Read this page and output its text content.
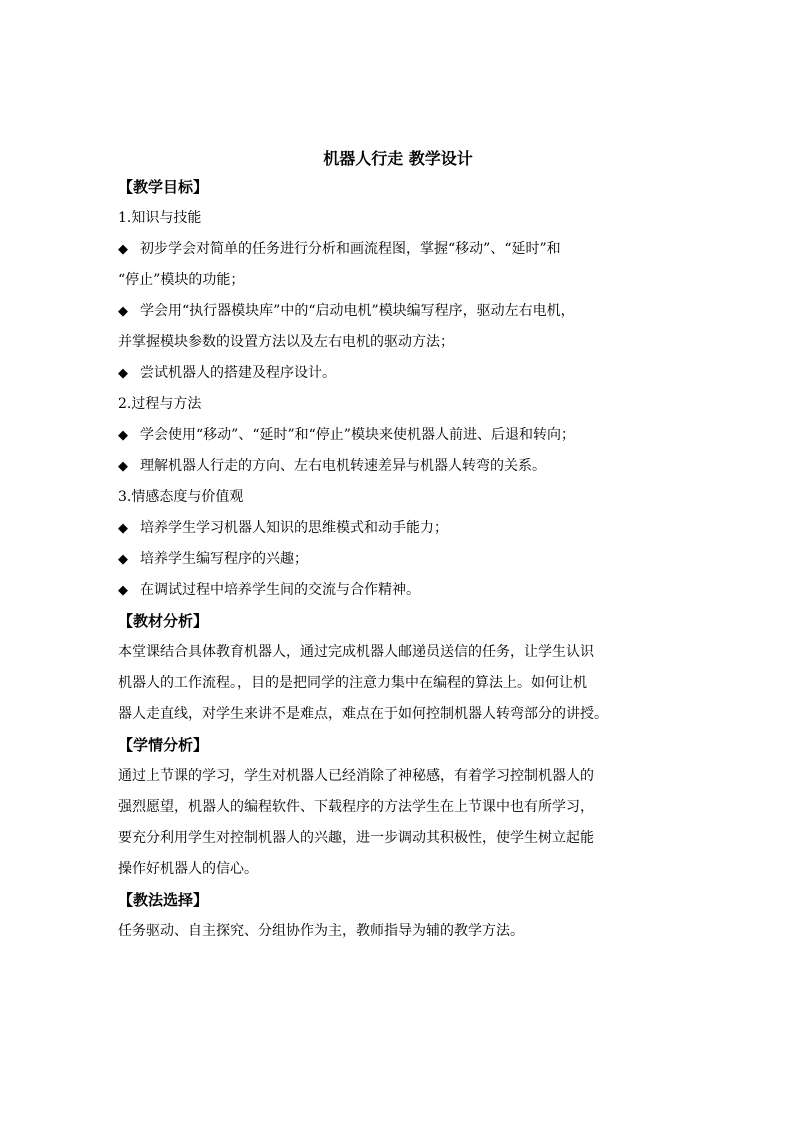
机器人行走 教学设计

【教学目标】

1.知识与技能

◆ 初步学会对简单的任务进行分析和画流程图，掌握“移动”、“延时”和

“停止”模块的功能；

◆ 学会用“执行器模块库”中的“启动电机”模块编写程序，驱动左右电机，

并掌握模块参数的设置方法以及左右电机的驱动方法；

◆ 尝试机器人的搭建及程序设计。

2.过程与方法

◆ 学会使用“移动”、“延时”和“停止”模块来使机器人前进、后退和转向；
◆ 理解机器人行走的方向、左右电机转速差异与机器人转弯的关系。

3.情感态度与价值观

◆ 培养学生学习机器人知识的思维模式和动手能力；
◆ 培养学生编写程序的兴趣；
◆ 在调试过程中培养学生间的交流与合作精神。

【教材分析】

本堂课结合具体教育机器人，通过完成机器人邮递员送信的任务，让学生认识

机器人的工作流程。，目的是把同学的注意力集中在编程的算法上。如何让机

器人走直线，对学生来讲不是难点，难点在于如何控制机器人转弯部分的讲授。

【学情分析】

通过上节课的学习，学生对机器人已经消除了神秘感，有着学习控制机器人的

强烈愿望，机器人的编程软件、下载程序的方法学生在上节课中也有所学习，

要充分利用学生对控制机器人的兴趣，进一步调动其积极性，使学生树立起能

操作好机器人的信心。

【教法选择】

任务驱动、自主探究、分组协作为主，教师指导为辅的教学方法。
